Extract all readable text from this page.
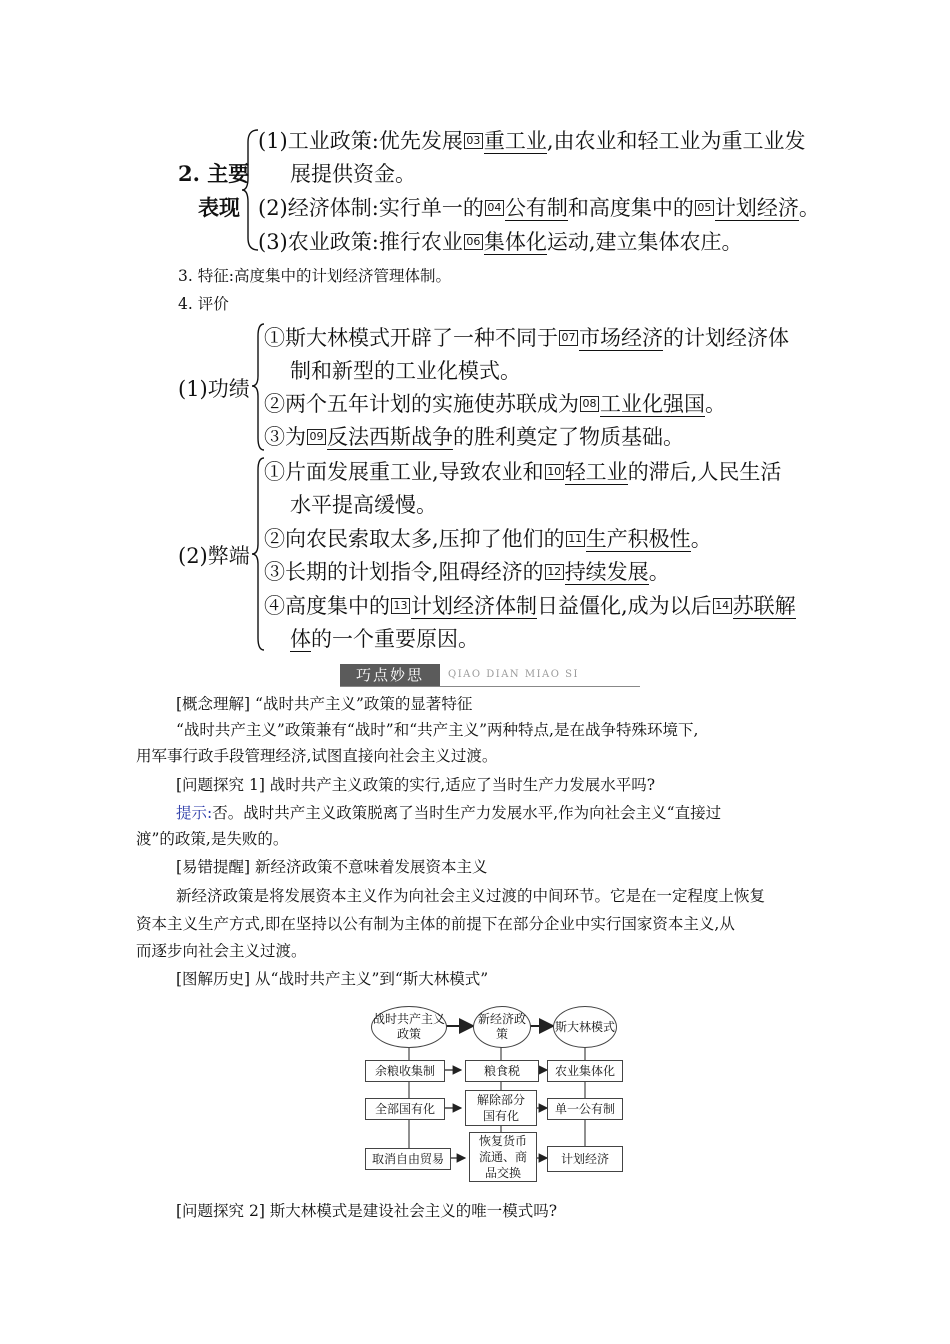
2. 主要
表现
(1)工业政策:优先发展 03 重工业,由农业和轻工业为重工业发
展提供资金。
(2)经济体制:实行单一的 04 公有制和高度集中的 05 计划经济。
(3)农业政策:推行农业 06 集体化运动,建立集体农庄。
3. 特征:高度集中的计划经济管理体制。
4. 评价
(1)功绩
①斯大林模式开辟了一种不同于 07 市场经济的计划经济体
制和新型的工业化模式。
②两个五年计划的实施使苏联成为 08 工业化强国。
③为 09 反法西斯战争的胜利奠定了物质基础。
(2)弊端
①片面发展重工业,导致农业和 10 轻工业的滞后,人民生活
水平提高缓慢。
②向农民索取太多,压抑了他们的 11 生产积极性。
③长期的计划指令,阻碍经济的 12 持续发展。
④高度集中的 13 计划经济体制日益僵化,成为以后 14 苏联解
体的一个重要原因。
巧点妙思	QIAO DIAN MIAO SI
[概念理解] “战时共产主义”政策的显著特征
“战时共产主义”政策兼有“战时”和“共产主义”两种特点,是在战争特殊环境下,
用军事行政手段管理经济,试图直接向社会主义过渡。
[问题探究 1] 战时共产主义政策的实行,适应了当时生产力发展水平吗?
提示:否。战时共产主义政策脱离了当时生产力发展水平,作为向社会主义“直接过
渡”的政策,是失败的。
[易错提醒] 新经济政策不意味着发展资本主义
新经济政策是将发展资本主义作为向社会主义过渡的中间环节。它是在一定程度上恢复
资本主义生产方式,即在坚持以公有制为主体的前提下在部分企业中实行国家资本主义,从
而逐步向社会主义过渡。
[图解历史] 从“战时共产主义”到“斯大林模式”
战时共产主义政策
新经济政策
斯大林模式
余粮收集制
全部国有化
取消自由贸易
粮食税
解除部分国有化
恢复货币流通、商品交换
农业集体化
单一公有制
计划经济
[问题探究 2] 斯大林模式是建设社会主义的唯一模式吗?
